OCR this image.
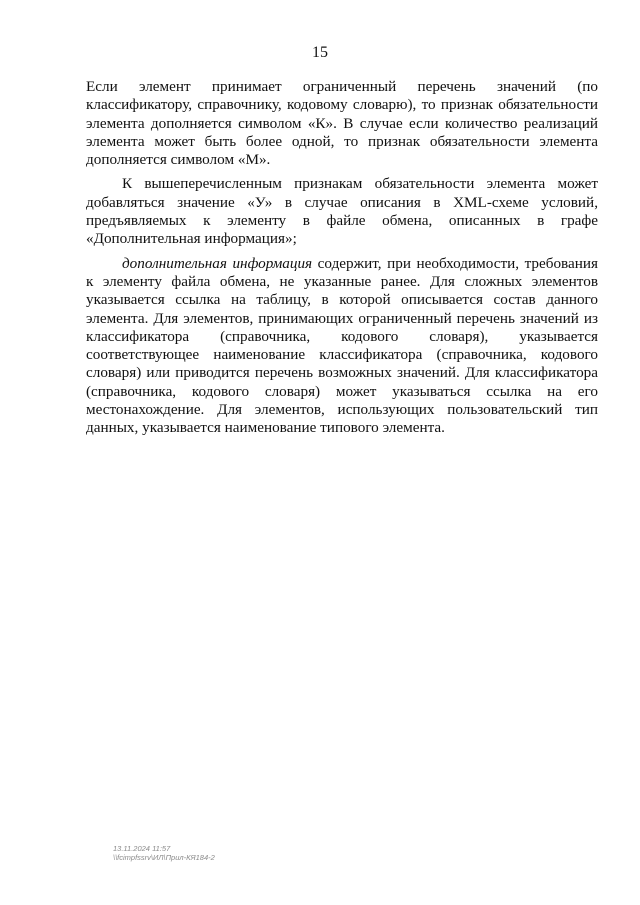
15

Если элемент принимает ограниченный перечень значений (по классификатору, справочнику, кодовому словарю), то признак обязательности элемента дополняется символом «К». В случае если количество реализаций элемента может быть более одной, то признак обязательности элемента дополняется символом «М».

К вышеперечисленным признакам обязательности элемента может добавляться значение «У» в случае описания в XML-схеме условий, предъявляемых к элементу в файле обмена, описанных в графе «Дополнительная информация»;

дополнительная информация содержит, при необходимости, требования к элементу файла обмена, не указанные ранее. Для сложных элементов указывается ссылка на таблицу, в которой описывается состав данного элемента. Для элементов, принимающих ограниченный перечень значений из классификатора (справочника, кодового словаря), указывается соответствующее наименование классификатора (справочника, кодового словаря) или приводится перечень возможных значений. Для классификатора (справочника, кодового словаря) может указываться ссылка на его местонахождение. Для элементов, использующих пользовательский тип данных, указывается наименование типового элемента.

13.11.2024 11:57
\\fcimpfssrv\ИЛ\Прил-КЯ184-2
